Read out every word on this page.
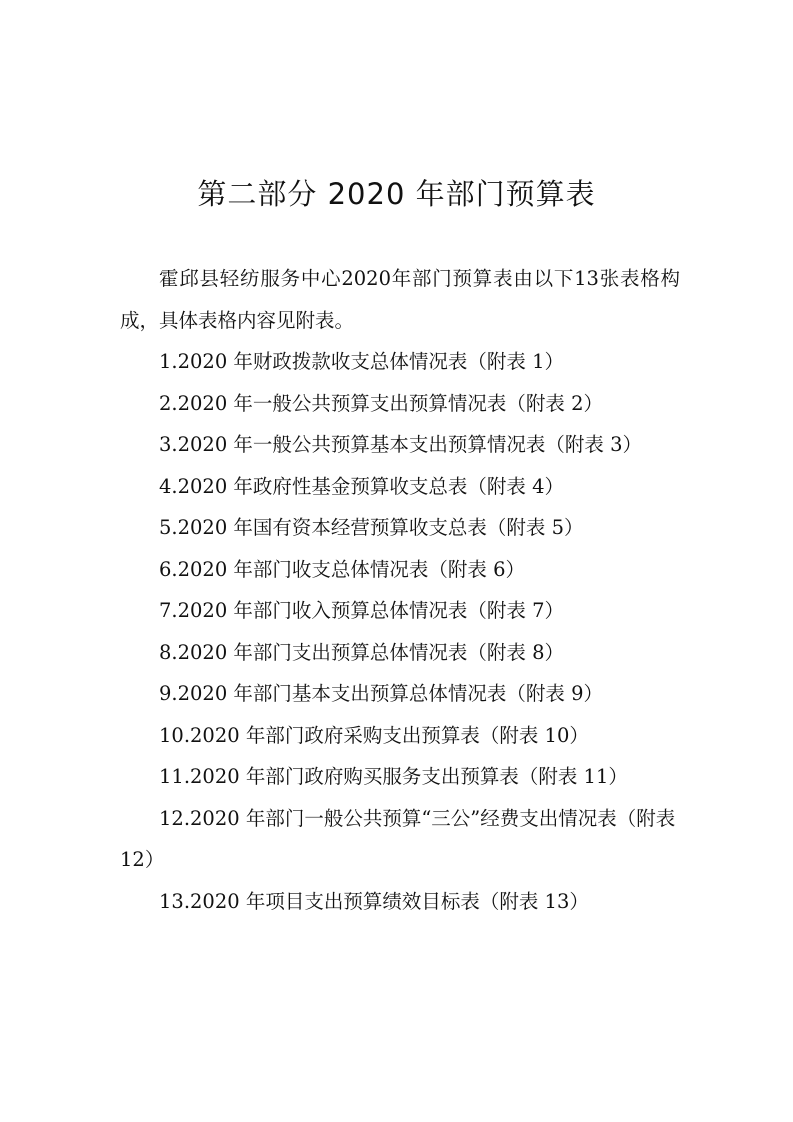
第二部分 2020 年部门预算表

霍邱县轻纺服务中心2020年部门预算表由以下13张表格构成，具体表格内容见附表。

1.2020 年财政拨款收支总体情况表（附表 1）
2.2020 年一般公共预算支出预算情况表（附表 2）
3.2020 年一般公共预算基本支出预算情况表（附表 3）
4.2020 年政府性基金预算收支总表（附表 4）
5.2020 年国有资本经营预算收支总表（附表 5）
6.2020 年部门收支总体情况表（附表 6）
7.2020 年部门收入预算总体情况表（附表 7）
8.2020 年部门支出预算总体情况表（附表 8）
9.2020 年部门基本支出预算总体情况表（附表 9）
10.2020 年部门政府采购支出预算表（附表 10）
11.2020 年部门政府购买服务支出预算表（附表 11）
12.2020 年部门一般公共预算“三公”经费支出情况表（附表 12）
13.2020 年项目支出预算绩效目标表（附表 13）
